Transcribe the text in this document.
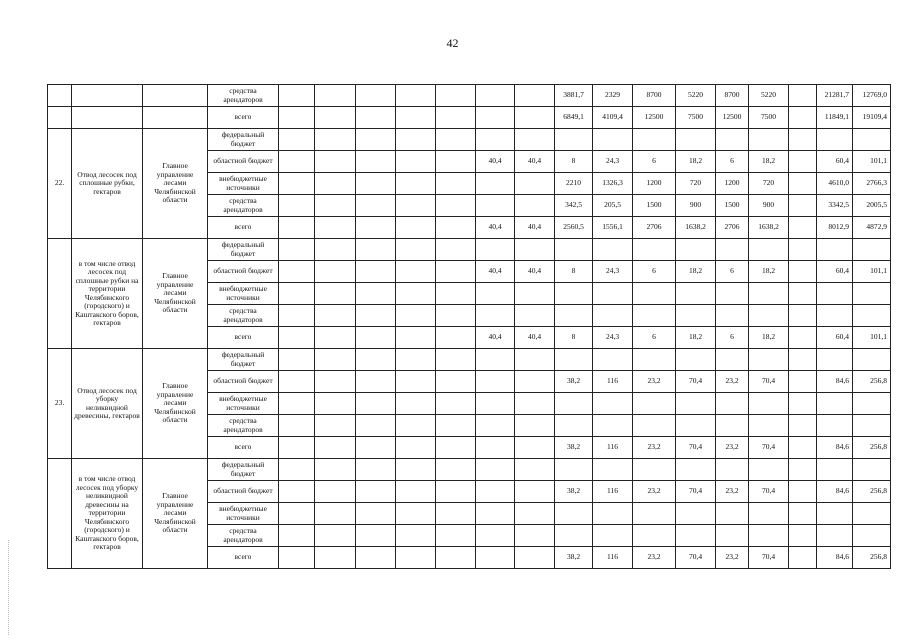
42
			средства арендаторов								3881,7	2329	8700	5220	8700	5220		21281,7	12769,0
			всего								6849,1	4109,4	12500	7500	12500	7500		11849,1	19109,4
22.	Отвод лесосек под сплошные рубки, гектаров	Главное управление лесами Челябинской области	федеральный бюджет																
			областной бюджет						40,4	40,4	8	24,3	6	18,2	6	18,2		60,4	101,1
			внебюджетные источники								2210	1326,3	1200	720	1200	720		4610,0	2766,3
			средства арендаторов								342,5	205,5	1500	900	1500	900		3342,5	2005,5
			всего						40,4	40,4	2560,5	1556,1	2706	1638,2	2706	1638,2		8012,9	4872,9
	в том числе отвод лесосек под сплошные рубки на территории Челябинского (городского) и Каштакского боров, гектаров	Главное управление лесами Челябинской области	федеральный бюджет																
			областной бюджет						40,4	40,4	8	24,3	6	18,2	6	18,2		60,4	101,1
			внебюджетные источники																
			средства арендаторов																
			всего						40,4	40,4	8	24,3	6	18,2	6	18,2		60,4	101,1
23.	Отвод лесосек под уборку неликвидной древесины, гектаров	Главное управление лесами Челябинской области	федеральный бюджет																
			областной бюджет								38,2	116	23,2	70,4	23,2	70,4		84,6	256,8
			внебюджетные источники																
			средства арендаторов																
			всего								38,2	116	23,2	70,4	23,2	70,4		84,6	256,8
	в том числе отвод лесосек под уборку неликвидной древесины на территории Челябинского (городского) и Каштакского боров, гектаров	Главное управление лесами Челябинской области	федеральный бюджет																
			областной бюджет								38,2	116	23,2	70,4	23,2	70,4		84,6	256,8
			внебюджетные источники																
			средства арендаторов																
			всего								38,2	116	23,2	70,4	23,2	70,4		84,6	256,8
